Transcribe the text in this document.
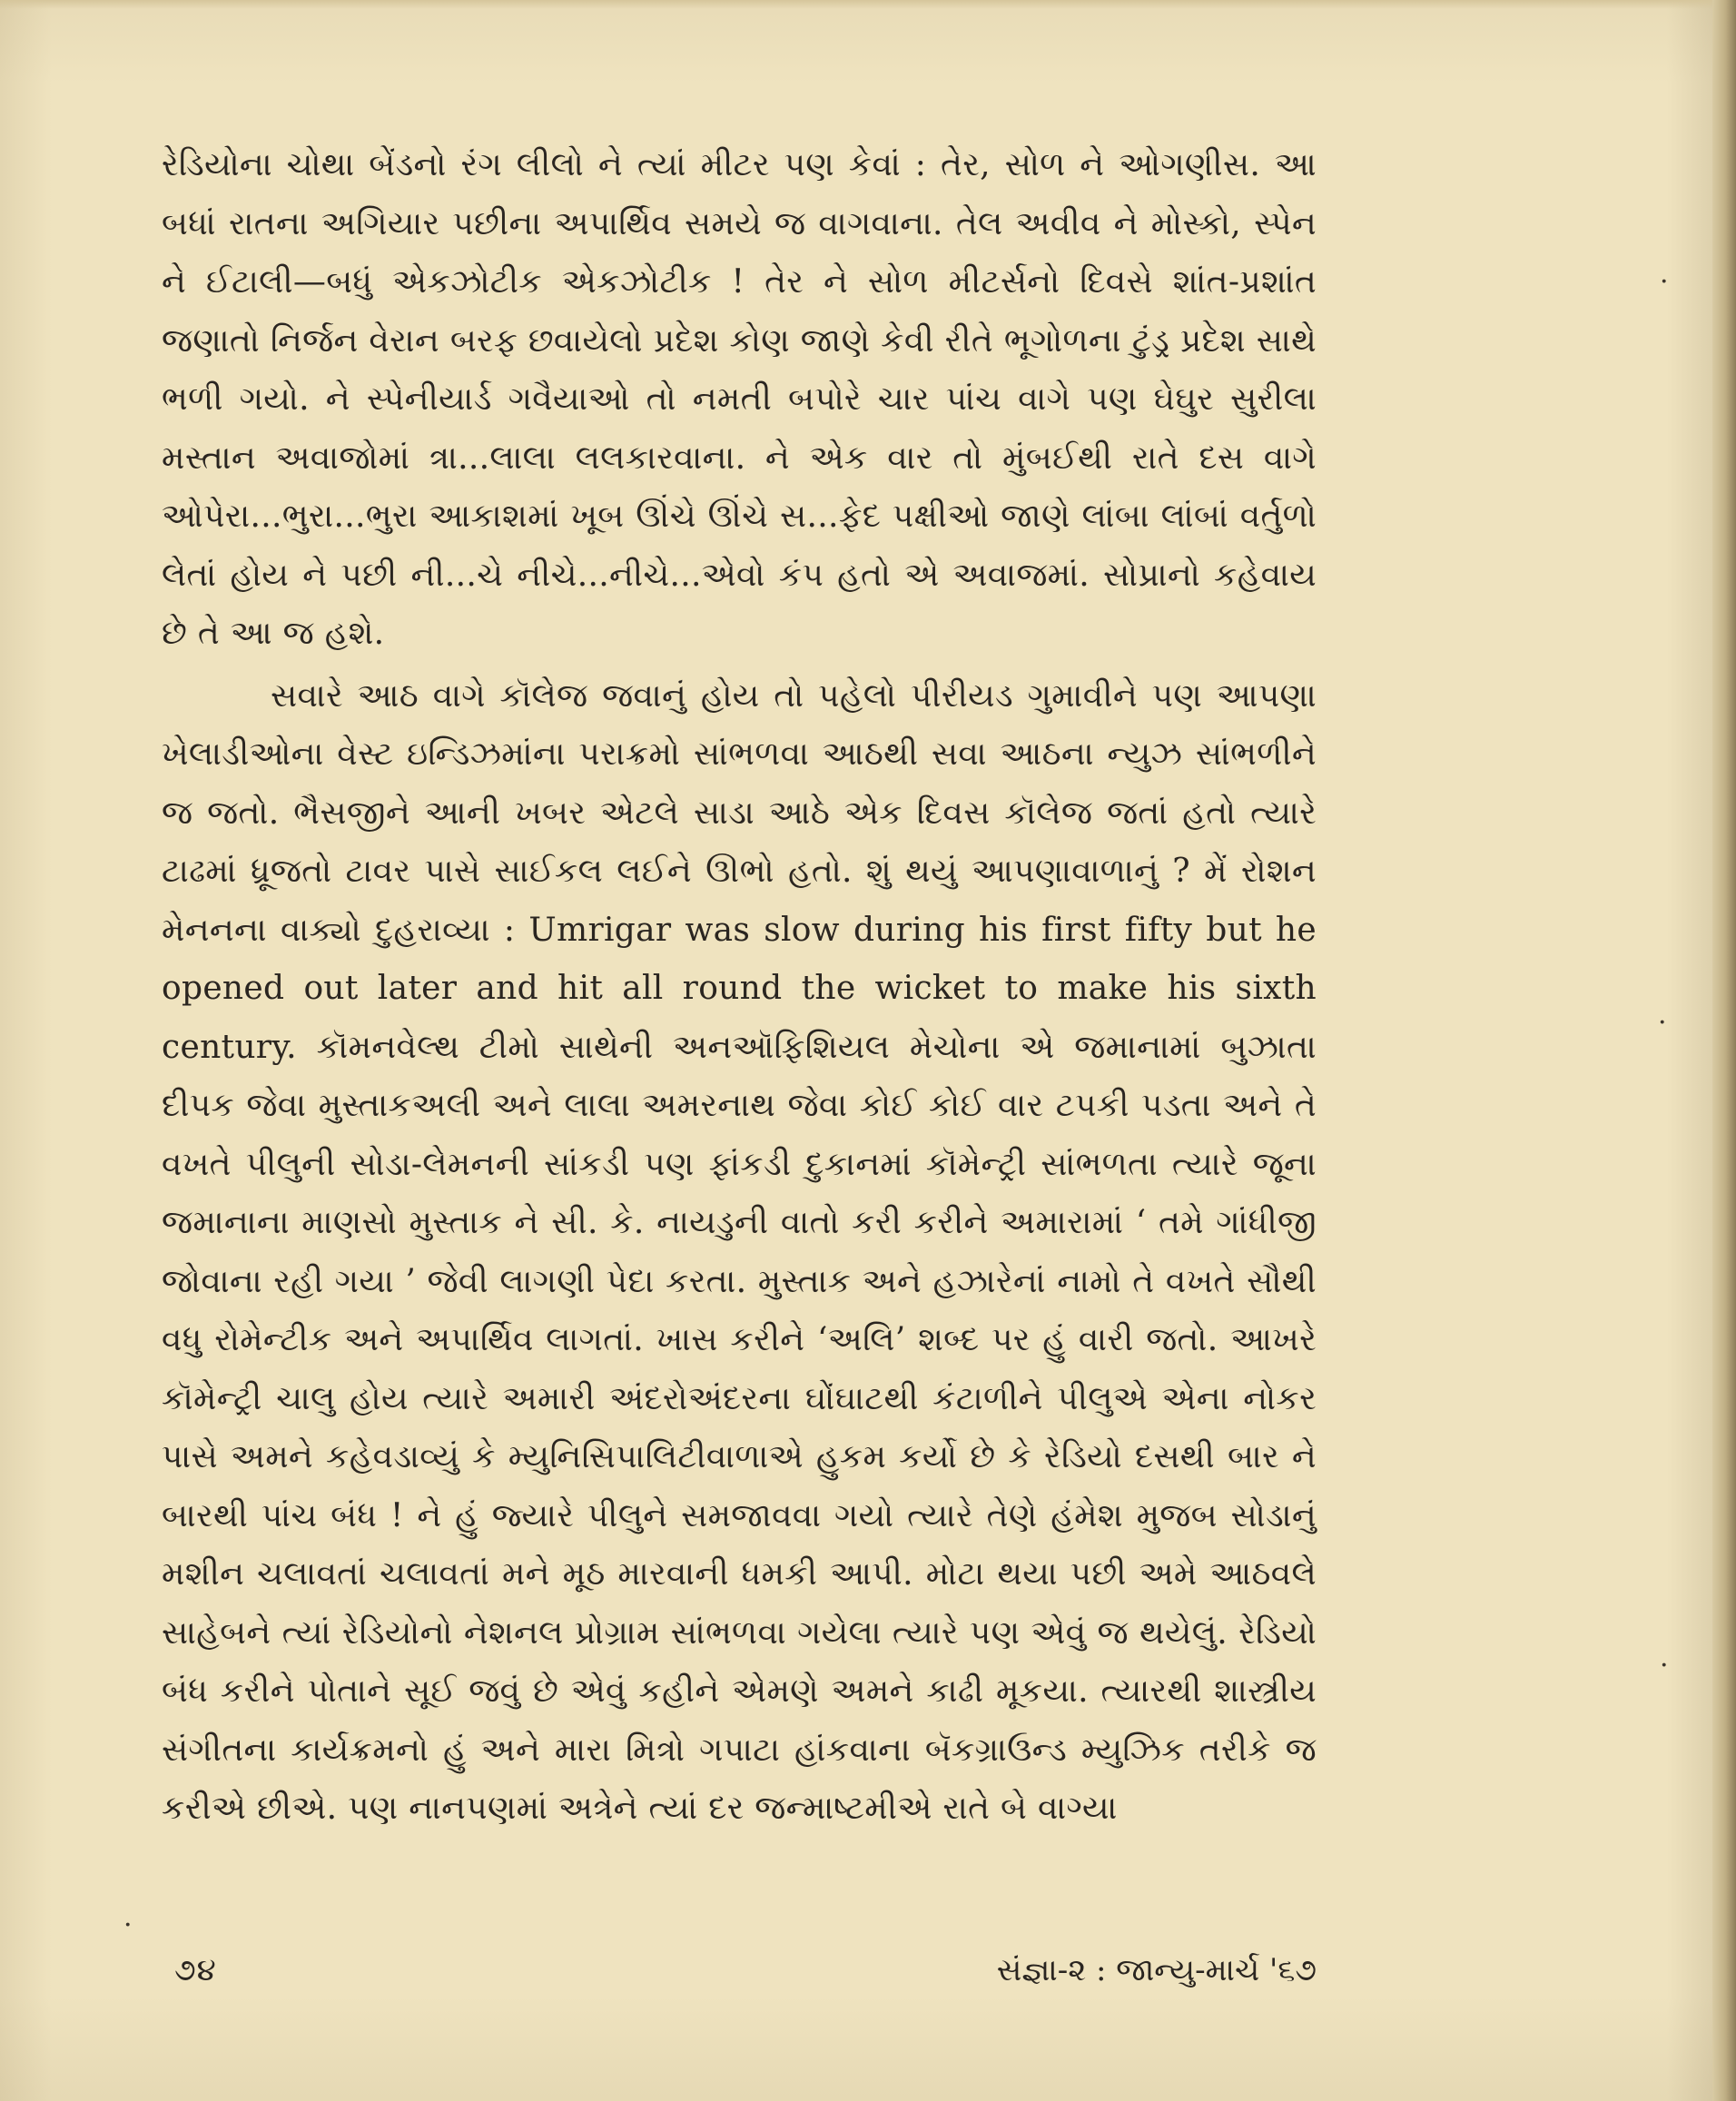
રેડિયોના ચોથા બેંડનો રંગ લીલો ને ત્યાં મીટર પણ કેવાં : તેર, સોળ ને ઓગણીસ. આ બધાં રાતના અગિયાર પછીના અપાર્થિવ સમયે જ વાગવાના. તેલ અવીવ ને મોસ્કો, સ્પેન ને ઈટાલી—બધું એકઝોટીક એકઝોટીક ! તેર ને સોળ મીટર્સનો દિવસે શાંત-પ્રશાંત જણાતો નિર્જન વેરાન બરફ છવાયેલો પ્રદેશ કોણ જાણે કેવી રીતે ભૂગોળના ટુંડ્ર પ્રદેશ સાથે ભળી ગયો. ને સ્પેનીયાર્ડ ગવૈયાઓ તો નમતી બપોરે ચાર પાંચ વાગે પણ ઘેઘુર સુરીલા મસ્તાન અવાજોમાં ત્રા...લાલા લલકારવાના. ને એક વાર તો મુંબઈથી રાતે દસ વાગે ઓપેરા...ભુરા...ભુરા આકાશમાં ખૂબ ઊંચે ઊંચે સ...ફેદ પક્ષીઓ જાણે લાંબા લાંબાં વર્તુળો લેતાં હોય ને પછી ની...ચે નીચે...નીચે...એવો કંપ હતો એ અવાજમાં. સોપ્રાનો કહેવાય છે તે આ જ હશે.

સવારે આઠ વાગે કૉલેજ જવાનું હોય તો પહેલો પીરીયડ ગુમાવીને પણ આપણા ખેલાડીઓના વેસ્ટ ઇન્ડિઝમાંના પરાક્રમો સાંભળવા આઠથી સવા આઠના ન્યુઝ સાંભળીને જ જતો. ભૈસજીને આની ખબર એટલે સાડા આઠે એક દિવસ કૉલેજ જતાં હતો ત્યારે ટાઢમાં ધ્રૂજતો ટાવર પાસે સાઈકલ લઈને ઊભો હતો. શું થયું આપણાવાળાનું ? મેં રોશન મેનનના વાક્યો દુહરાવ્યા : Umrigar was slow during his first fifty but he opened out later and hit all round the wicket to make his sixth century. કૉમનવેલ્થ ટીમો સાથેની અનઑફિશિયલ મેચોના એ જમાનામાં બુઝાતા દીપક જેવા મુસ્તાકઅલી અને લાલા અમરનાથ જેવા કોઈ કોઈ વાર ટપકી પડતા અને તે વખતે પીલુની સોડા-લેમનની સાંકડી પણ ફાંકડી દુકાનમાં કૉમેન્ટ્રી સાંભળતા ત્યારે જૂના જમાનાના માણસો મુસ્તાક ને સી. કે. નાયડુની વાતો કરી કરીને અમારામાં ‘ તમે ગાંધીજી જોવાના રહી ગયા ’ જેવી લાગણી પેદા કરતા. મુસ્તાક અને હઝારેનાં નામો તે વખતે સૌથી વધુ રોમેન્ટીક અને અપાર્થિવ લાગતાં. ખાસ કરીને ‘અલિ’ શબ્દ પર હું વારી જતો. આખરે કૉમેન્ટ્રી ચાલુ હોય ત્યારે અમારી અંદરોઅંદરના ઘોંઘાટથી કંટાળીને પીલુએ એના નોકર પાસે અમને કહેવડાવ્યું કે મ્યુનિસિપાલિટીવાળાએ હુકમ કર્યો છે કે રેડિયો દસથી બાર ને બારથી પાંચ બંધ ! ને હું જ્યારે પીલુને સમજાવવા ગયો ત્યારે તેણે હંમેશ મુજબ સોડાનું મશીન ચલાવતાં ચલાવતાં મને મૂઠ મારવાની ધમકી આપી. મોટા થયા પછી અમે આઠવલે સાહેબને ત્યાં રેડિયોનો નેશનલ પ્રોગ્રામ સાંભળવા ગયેલા ત્યારે પણ એવું જ થયેલું. રેડિયો બંધ કરીને પોતાને સૂઈ જવું છે એવું કહીને એમણે અમને કાઢી મૂકયા. ત્યારથી શાસ્ત્રીય સંગીતના કાર્યક્રમનો હું અને મારા મિત્રો ગપાટા હાંકવાના બૅકગ્રાઉન્ડ મ્યુઝિક તરીકે જ કરીએ છીએ. પણ નાનપણમાં અત્રેને ત્યાં દર જન્માષ્ટમીએ રાતે બે વાગ્યા

૭૪	સંજ્ઞા-૨ : જાન્યુ-માર્ચ '૬૭
·
·
·
·
